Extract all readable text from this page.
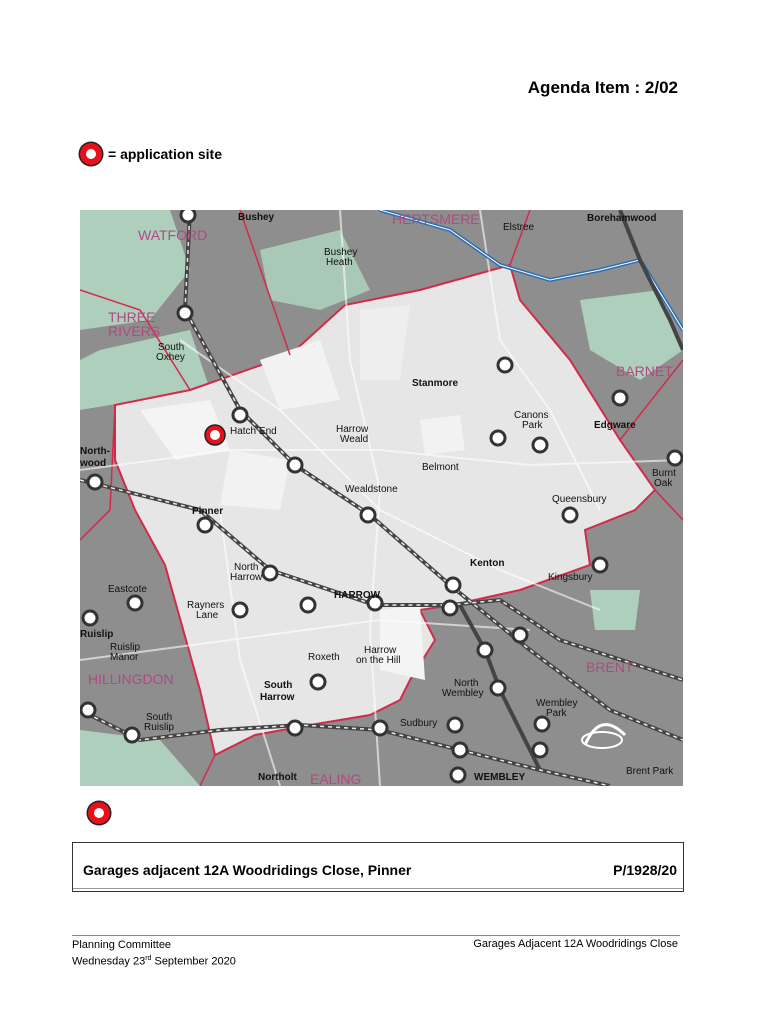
Agenda Item : 2/02
= application site
WATFORD
HERTSMERE
THREE
RIVERS
BARNET
HILLINGDON
BRENT
EALING
Bushey
Bushey
Heath
Elstree
Borehamwood
South
Oxhey
Stanmore
Canons
Park	Edgware
Hatch End	Harrow
Weald
North-
wood	Belmont
Burnt
Oak
Wealdstone
Queensbury
Pinner
North
Harrow
Kenton
Kingsbury
Eastcote
HARROW
Rayners
Lane
Ruislip
Ruislip
Manor	Roxeth
Harrow
on the Hill
South
Harrow
North
Wembley
South
Ruislip
Wembley
Park
Sudbury
Northolt
Brent Park
WEMBLEY
Garages adjacent 12A Woodridings Close, Pinner	P/1928/20
Planning Committee
Wednesday 23rd September 2020
Garages Adjacent 12A Woodridings Close
